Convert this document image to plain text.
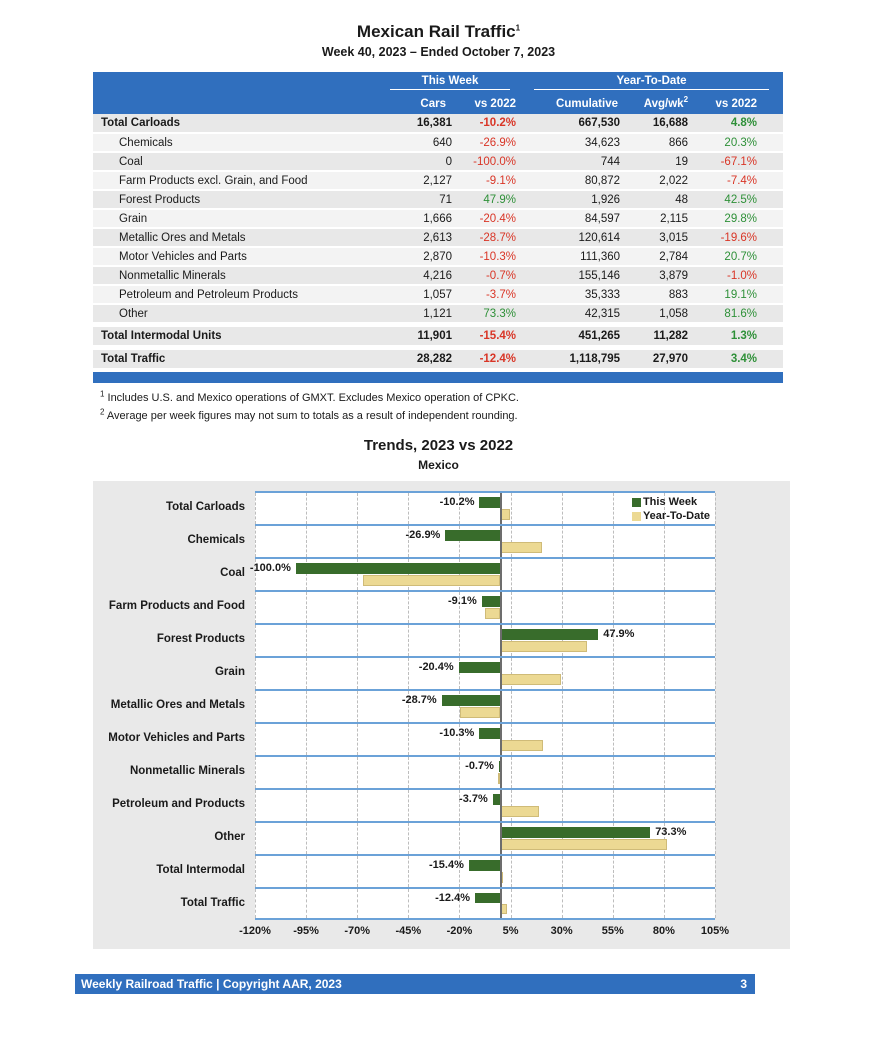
Mexican Rail Traffic$^1$
Week 40, 2023 – Ended October 7, 2023

	This Week		Year-To-Date		

	Cars	vs 2022	Cumulative	Avg/$wk^2$	vs 2022
Total Carloads	16,381	-10.2%	667,530	16,688	4.8%
Chemicals	640	-26.9%	34,623	866	20.3%
Coal	0	-100.0%	744	19	-67.1%
Farm Products excl. Grain, and Food	2,127	-9.1%	80,872	2,022	-7.4%
Forest Products	71	47.9%	1,926	48	42.5%
Grain	1,666	-20.4%	84,597	2,115	29.8%
Metallic Ores and Metals	2,613	-28.7%	120,614	3,015	-19.6%
Motor Vehicles and Parts	2,870	-10.3%	111,360	2,784	20.7%
Nonmetallic Minerals	4,216	-0.7%	155,146	3,879	-1.0%
Petroleum and Petroleum Products	1,057	-3.7%	35,333	883	19.1%
Other	1,121	73.3%	42,315	1,058	81.6%

Total Intermodal Units	11,901	-15.4%	451,265	11,282	1.3%

Total Traffic	28,282	-12.4%	1,118,795	27,970	3.4%
$^1$ Includes U.S. and Mexico operations of GMXT. Excludes Mexico operation of CPKC.
$^2$ Average per week figures may not sum to totals as a result of independent rounding.
Trends, 2023 vs 2022
Mexico
Total Carloads	-10.2%	This Week
Year-To-Date
Chemicals	-26.9%
Coal -100.0%
Farm Products and Food	-9.1%
Forest Products	47.9%
Grain	-20.4%
Metallic Ores and Metals	-28.7%
Motor Vehicles and Parts	-10.3%
Nonmetallic Minerals	-0.7%
Petroleum and Products	-3.7%
Other	73.3%
Total Intermodal	-15.4%
Total Traffic	-12.4%
-120% -95% -70% -45% -20%	5%	30%	55%	80% 105%
Weekly Railroad Traffic | Copyright AAR, 2023	3
